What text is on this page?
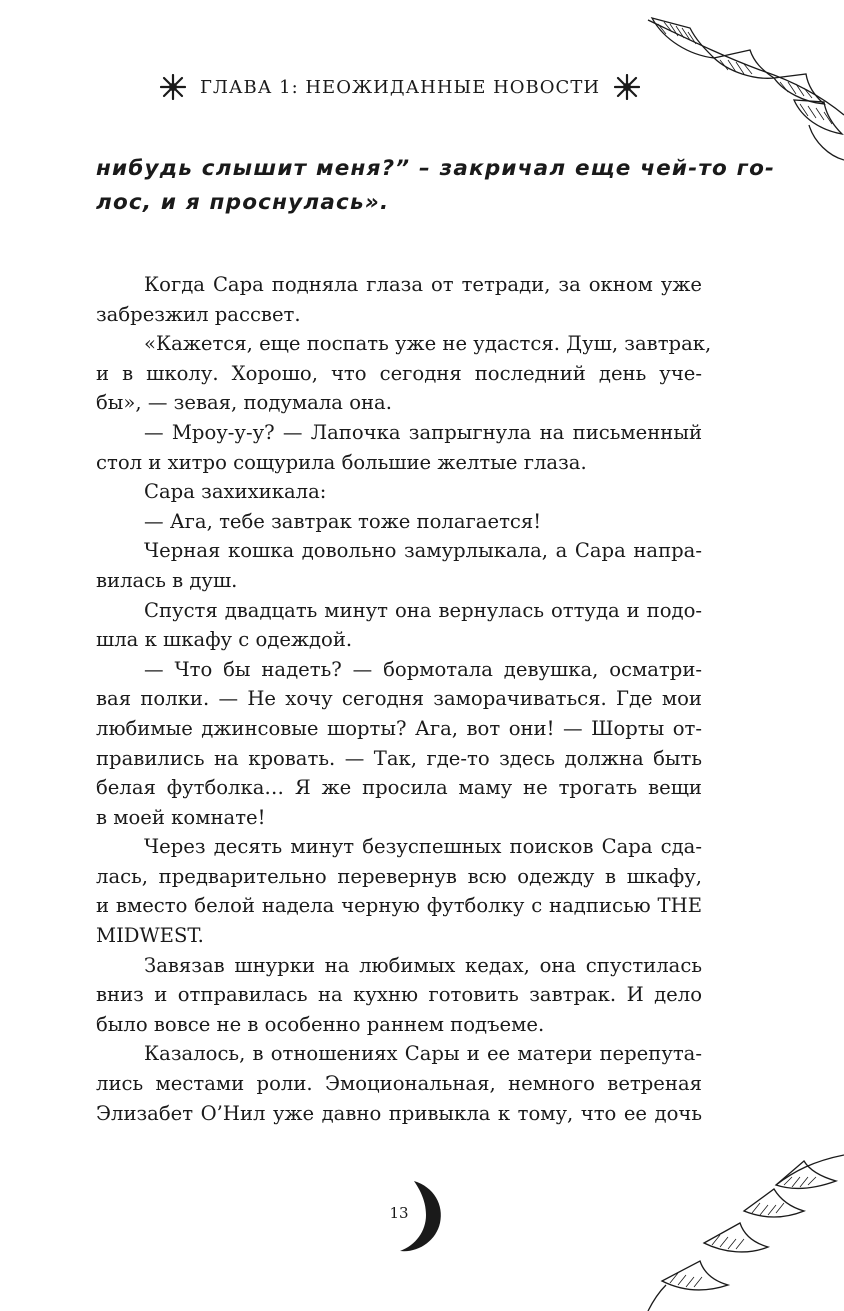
ГЛАВА 1: НЕОЖИДАННЫЕ НОВОСТИ
нибудь слышит меня?” – закричал еще чей-то го-
лос, и я проснулась».
Когда Сара подняла глаза от тетради, за окном уже
забрезжил рассвет.
«Кажется, еще поспать уже не удастся. Душ, завтрак,
и в школу. Хорошо, что сегодня последний день уче-
бы», — зевая, подумала она.
— Мроу-у-у? — Лапочка запрыгнула на письменный
стол и хитро сощурила большие желтые глаза.
Сара захихикала:
— Ага, тебе завтрак тоже полагается!
Черная кошка довольно замурлыкала, а Сара напра-
вилась в душ.
Спустя двадцать минут она вернулась оттуда и подо-
шла к шкафу с одеждой.
— Что бы надеть? — бормотала девушка, осматри-
вая полки. — Не хочу сегодня заморачиваться. Где мои
любимые джинсовые шорты? Ага, вот они! — Шорты от-
правились на кровать. — Так, где-то здесь должна быть
белая футболка… Я же просила маму не трогать вещи
в моей комнате!
Через десять минут безуспешных поисков Сара сда-
лась, предварительно перевернув всю одежду в шкафу,
и вместо белой надела черную футболку с надписью THE
MIDWEST.
Завязав шнурки на любимых кедах, она спустилась
вниз и отправилась на кухню готовить завтрак. И дело
было вовсе не в особенно раннем подъеме.
Казалось, в отношениях Сары и ее матери перепута-
лись местами роли. Эмоциональная, немного ветреная
Элизабет О’Нил уже давно привыкла к тому, что ее дочь
13
